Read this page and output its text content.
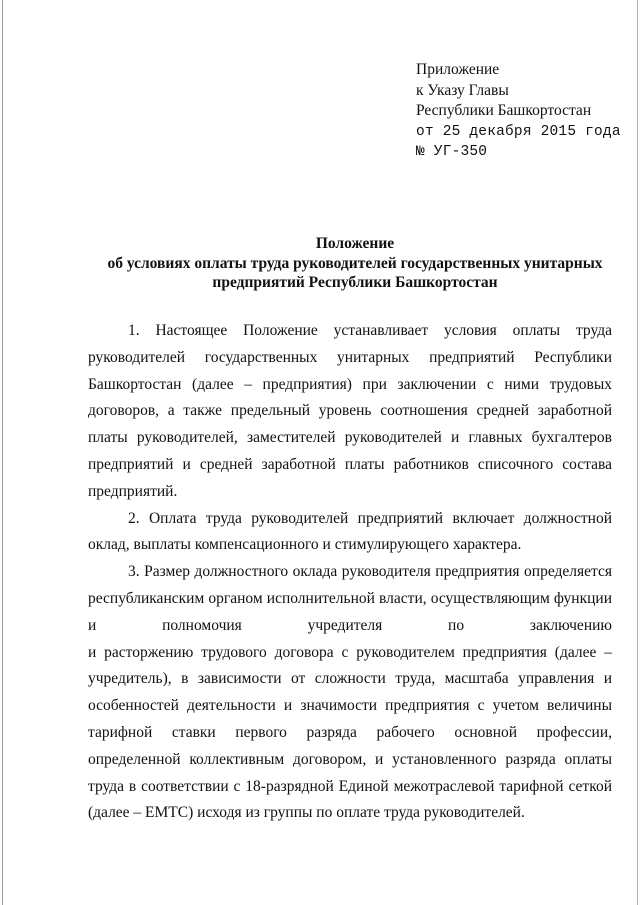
Приложение
к Указу Главы
Республики Башкортостан
от 25 декабря 2015 года
№ УГ-350
Положение
об условиях оплаты труда руководителей государственных унитарных
предприятий Республики Башкортостан

1. Настоящее Положение устанавливает условия оплаты труда руководителей государственных унитарных предприятий Республики Башкортостан (далее – предприятия) при заключении с ними трудовых договоров, а также предельный уровень соотношения средней заработной платы руководителей, заместителей руководителей и главных бухгалтеров предприятий и средней заработной платы работников списочного состава предприятий.

2. Оплата труда руководителей предприятий включает должностной оклад, выплаты компенсационного и стимулирующего характера.

3. Размер должностного оклада руководителя предприятия определяется республиканским органом исполнительной власти, осуществляющим функции и полномочия учредителя по заключению

и расторжению трудового договора с руководителем предприятия (далее – учредитель), в зависимости от сложности труда, масштаба управления и особенностей деятельности и значимости предприятия с учетом величины тарифной ставки первого разряда рабочего основной профессии, определенной коллективным договором, и установленного разряда оплаты труда в соответствии с 18-разрядной Единой межотраслевой тарифной сеткой (далее – ЕМТС) исходя из группы по оплате труда руководителей.
